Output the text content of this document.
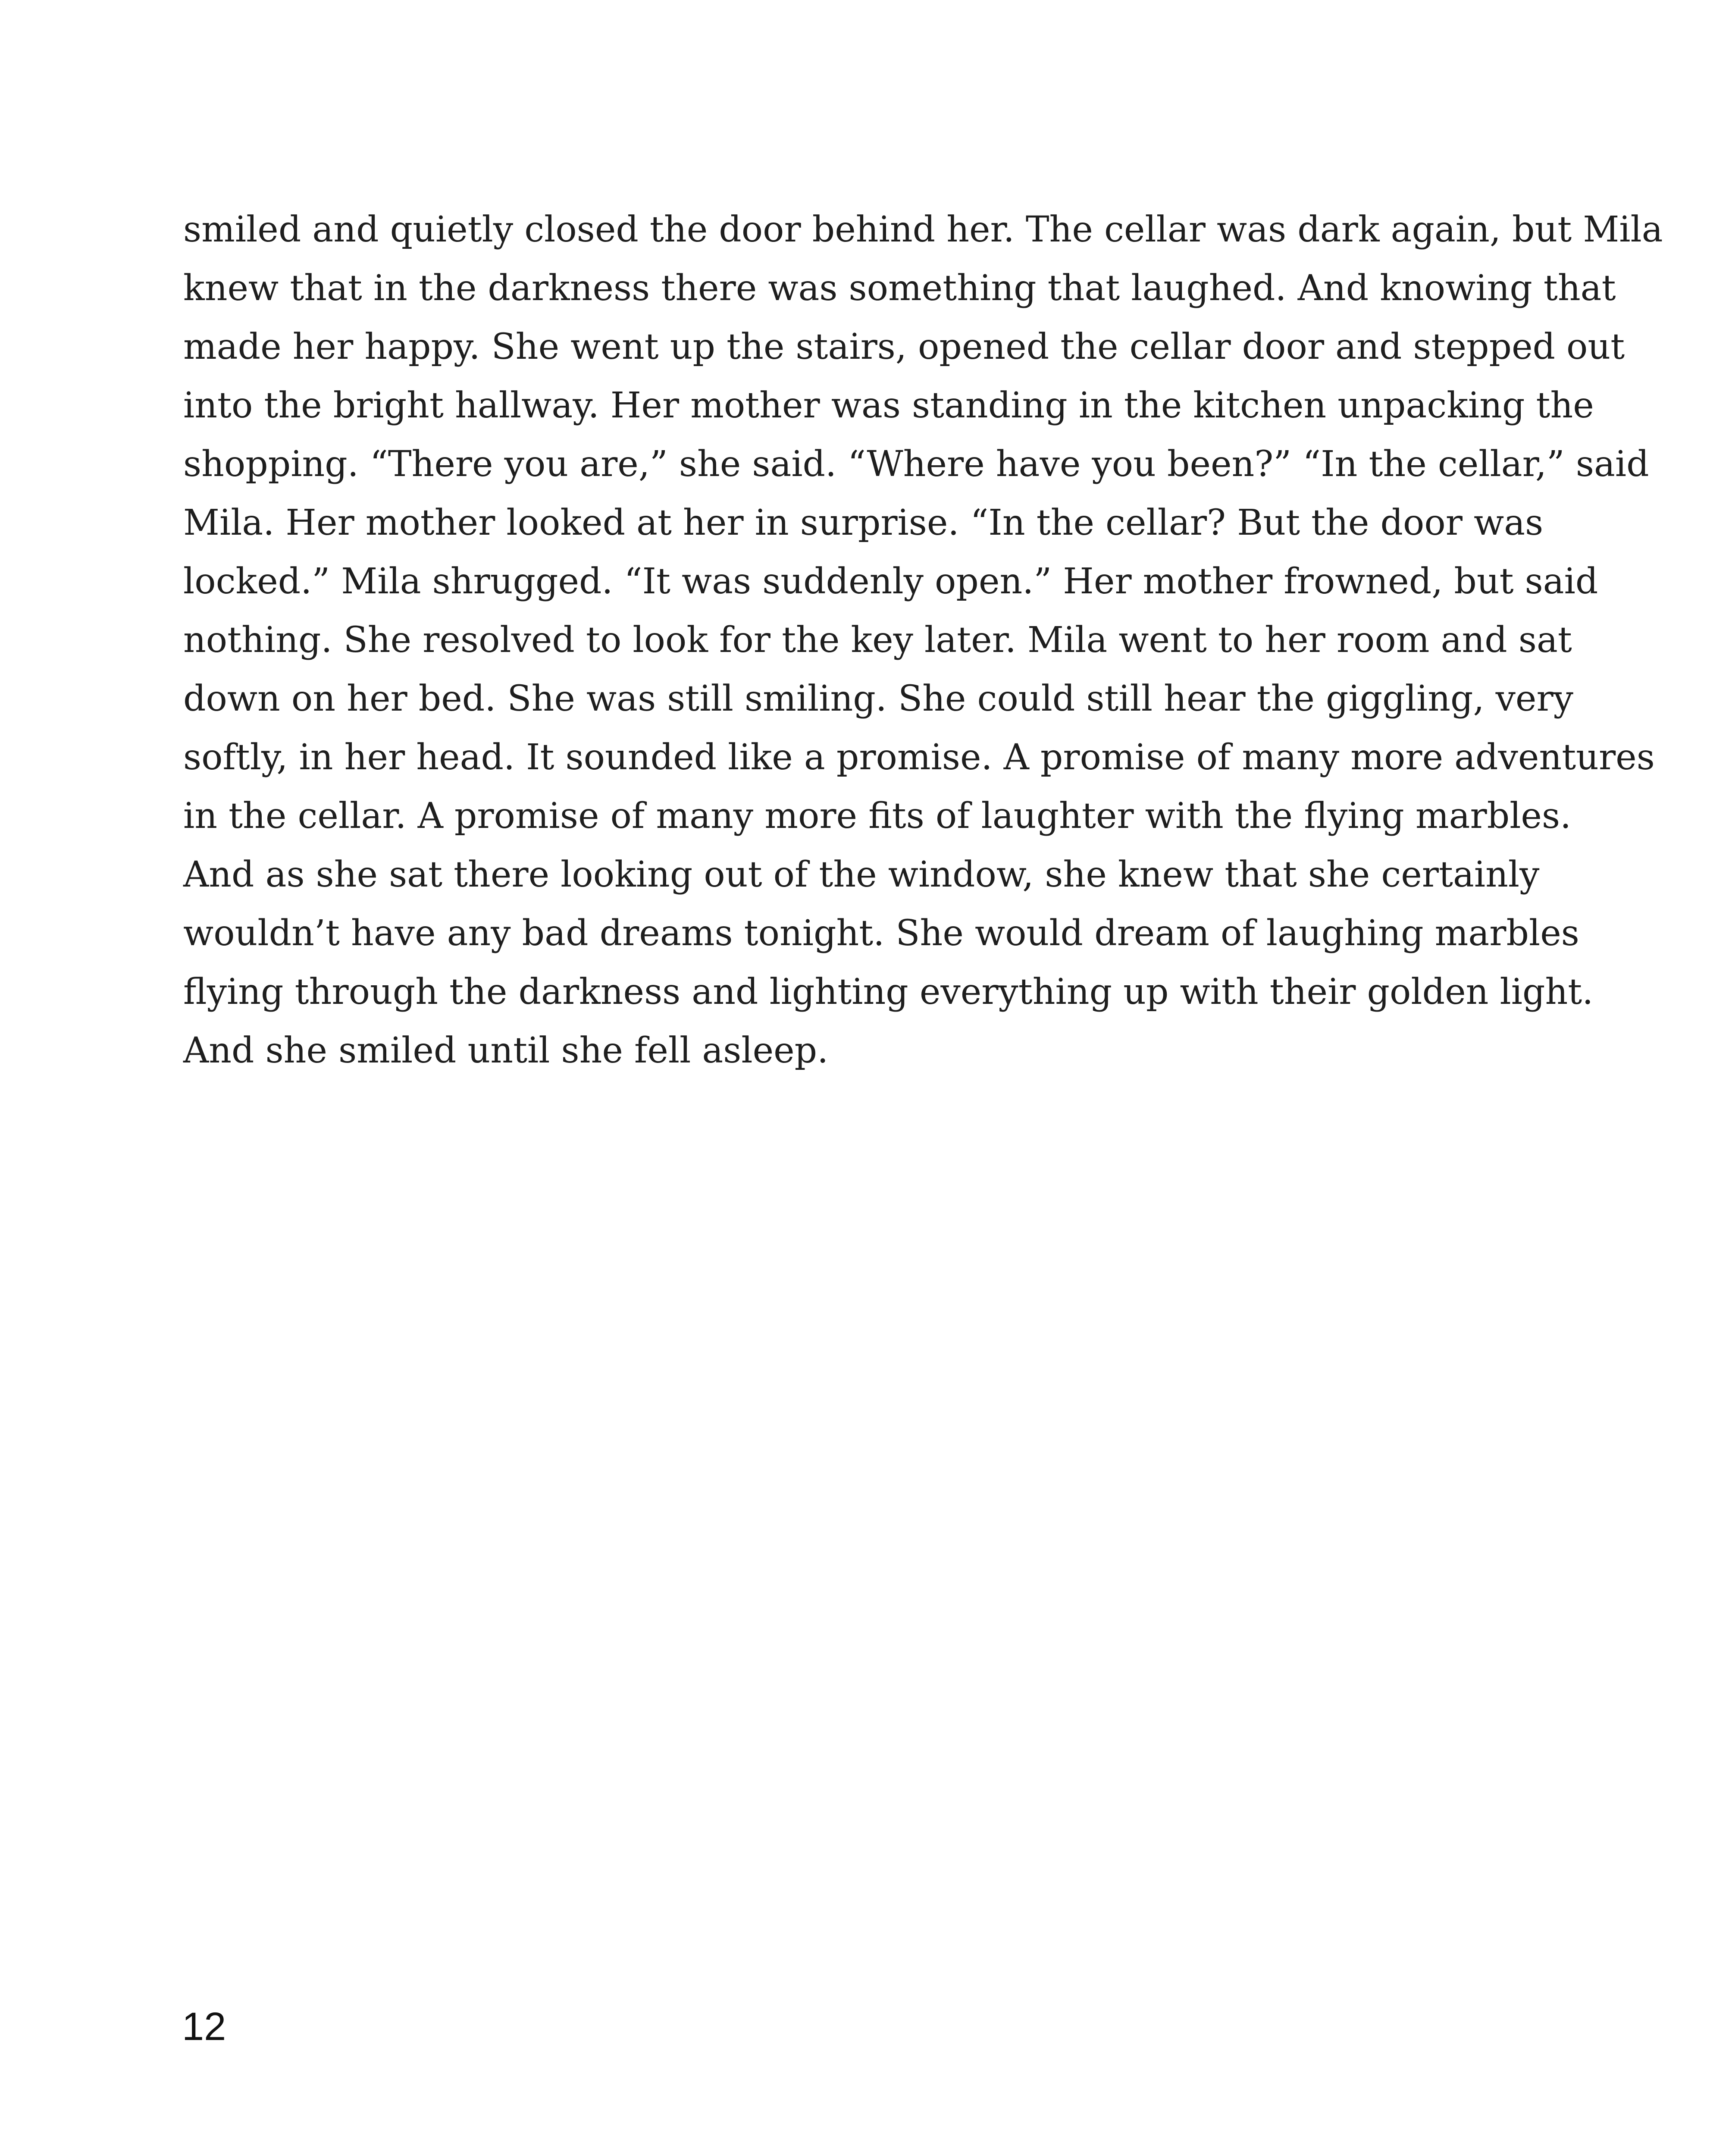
smiled and quietly closed the door behind her. The cellar was dark again, but Mila
knew that in the darkness there was something that laughed. And knowing that
made her happy. She went up the stairs, opened the cellar door and stepped out
into the bright hallway. Her mother was standing in the kitchen unpacking the
shopping. “There you are,” she said. “Where have you been?” “In the cellar,” said
Mila. Her mother looked at her in surprise. “In the cellar? But the door was
locked.” Mila shrugged. “It was suddenly open.” Her mother frowned, but said
nothing. She resolved to look for the key later. Mila went to her room and sat
down on her bed. She was still smiling. She could still hear the giggling, very
softly, in her head. It sounded like a promise. A promise of many more adventures
in the cellar. A promise of many more fits of laughter with the flying marbles.
And as she sat there looking out of the window, she knew that she certainly
wouldn’t have any bad dreams tonight. She would dream of laughing marbles
flying through the darkness and lighting everything up with their golden light.
And she smiled until she fell asleep.

12
